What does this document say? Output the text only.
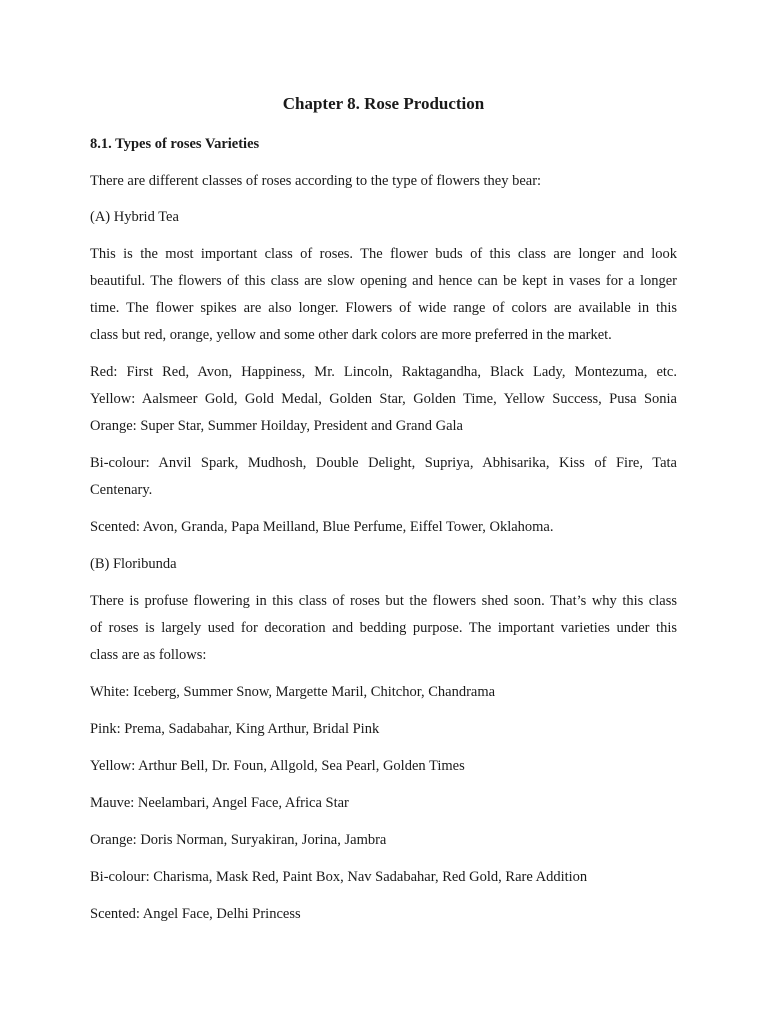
Chapter 8. Rose Production
8.1. Types of roses Varieties

There are different classes of roses according to the type of flowers they bear:

(A) Hybrid Tea

This is the most important class of roses. The flower buds of this class are longer and look
beautiful. The flowers of this class are slow opening and hence can be kept in vases for a longer
time. The flower spikes are also longer. Flowers of wide range of colors are available in this
class but red, orange, yellow and some other dark colors are more preferred in the market.

Red: First Red, Avon, Happiness, Mr. Lincoln, Raktagandha, Black Lady, Montezuma, etc.
Yellow: Aalsmeer Gold, Gold Medal, Golden Star, Golden Time, Yellow Success, Pusa Sonia
Orange: Super Star, Summer Hoilday, President and Grand Gala

Bi-colour: Anvil Spark, Mudhosh, Double Delight, Supriya, Abhisarika, Kiss of Fire, Tata
Centenary.

Scented: Avon, Granda, Papa Meilland, Blue Perfume, Eiffel Tower, Oklahoma.

(B) Floribunda

There is profuse flowering in this class of roses but the flowers shed soon. That’s why this class
of roses is largely used for decoration and bedding purpose. The important varieties under this
class are as follows:

White: Iceberg, Summer Snow, Margette Maril, Chitchor, Chandrama

Pink: Prema, Sadabahar, King Arthur, Bridal Pink

Yellow: Arthur Bell, Dr. Foun, Allgold, Sea Pearl, Golden Times

Mauve: Neelambari, Angel Face, Africa Star

Orange: Doris Norman, Suryakiran, Jorina, Jambra

Bi-colour: Charisma, Mask Red, Paint Box, Nav Sadabahar, Red Gold, Rare Addition

Scented: Angel Face, Delhi Princess
